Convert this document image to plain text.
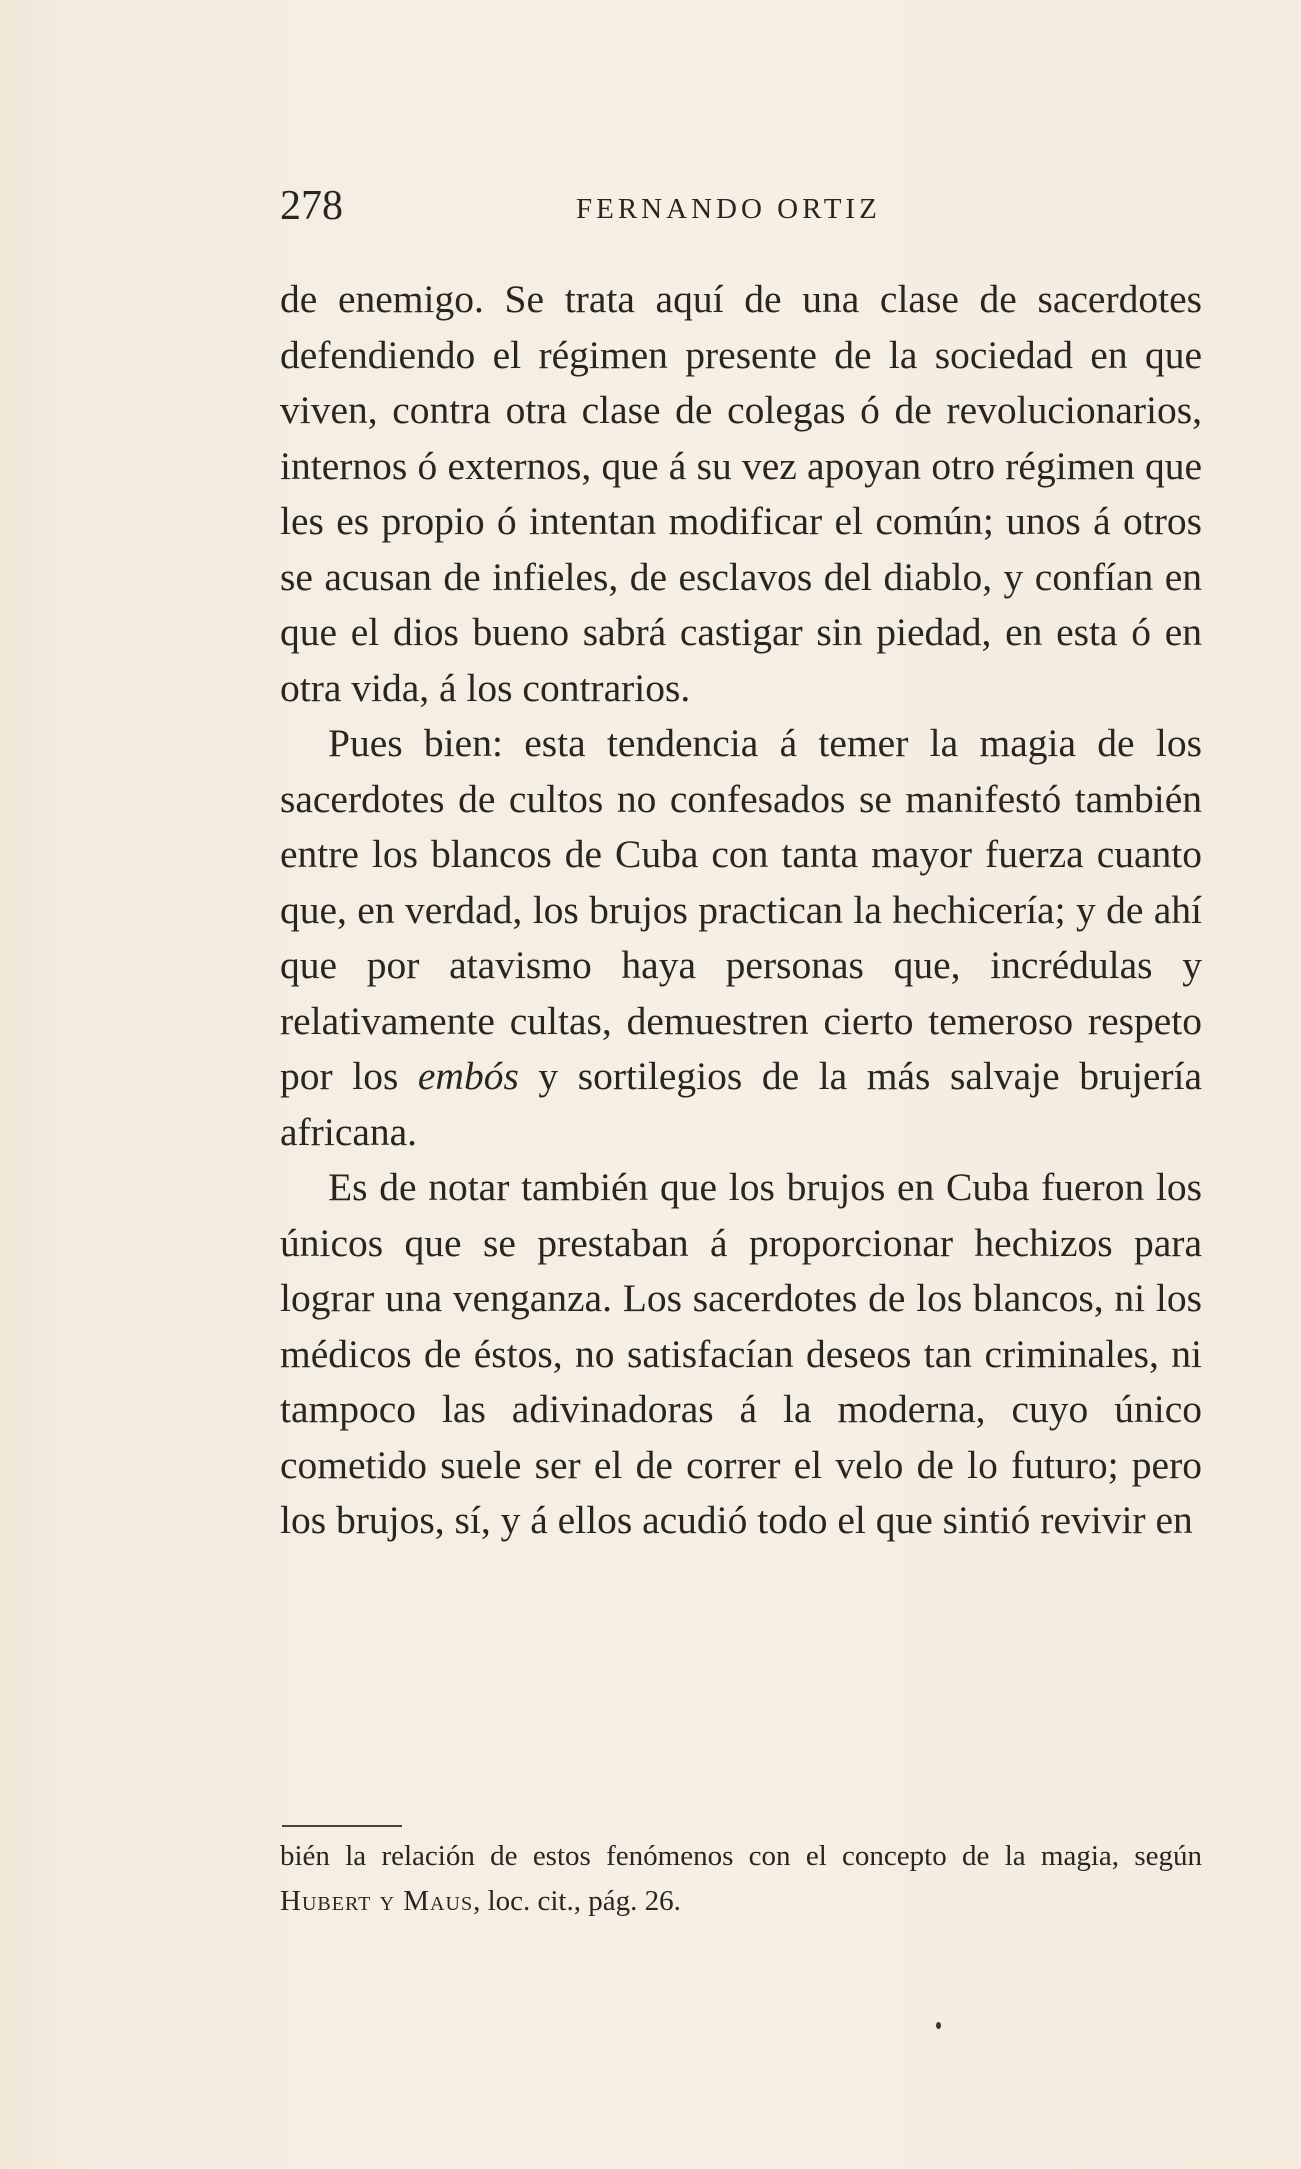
278	FERNANDO ORTIZ

de enemigo. Se trata aquí de una clase de sacerdotes defendiendo el régimen presente de la sociedad en que viven, contra otra clase de colegas ó de revolucionarios, internos ó externos, que á su vez apoyan otro régimen que les es propio ó intentan modificar el común; unos á otros se acusan de infieles, de esclavos del diablo, y confían en que el dios bueno sabrá castigar sin piedad, en esta ó en otra vida, á los contrarios.

Pues bien: esta tendencia á temer la magia de los sacerdotes de cultos no confesados se manifestó también entre los blancos de Cuba con tanta mayor fuerza cuanto que, en verdad, los brujos practican la hechicería; y de ahí que por atavismo haya personas que, incrédulas y relativamente cultas, demuestren cierto temeroso respeto por los embós y sortilegios de la más salvaje brujería africana.

Es de notar también que los brujos en Cuba fueron los únicos que se prestaban á proporcionar hechizos para lograr una venganza. Los sacerdotes de los blancos, ni los médicos de éstos, no satisfacían deseos tan criminales, ni tampoco las adivinadoras á la moderna, cuyo único cometido suele ser el de correr el velo de lo futuro; pero los brujos, sí, y á ellos acudió todo el que sintió revivir en

bién la relación de estos fenómenos con el concepto de la magia, según Hubert y Maus, loc. cit., pág. 26.
